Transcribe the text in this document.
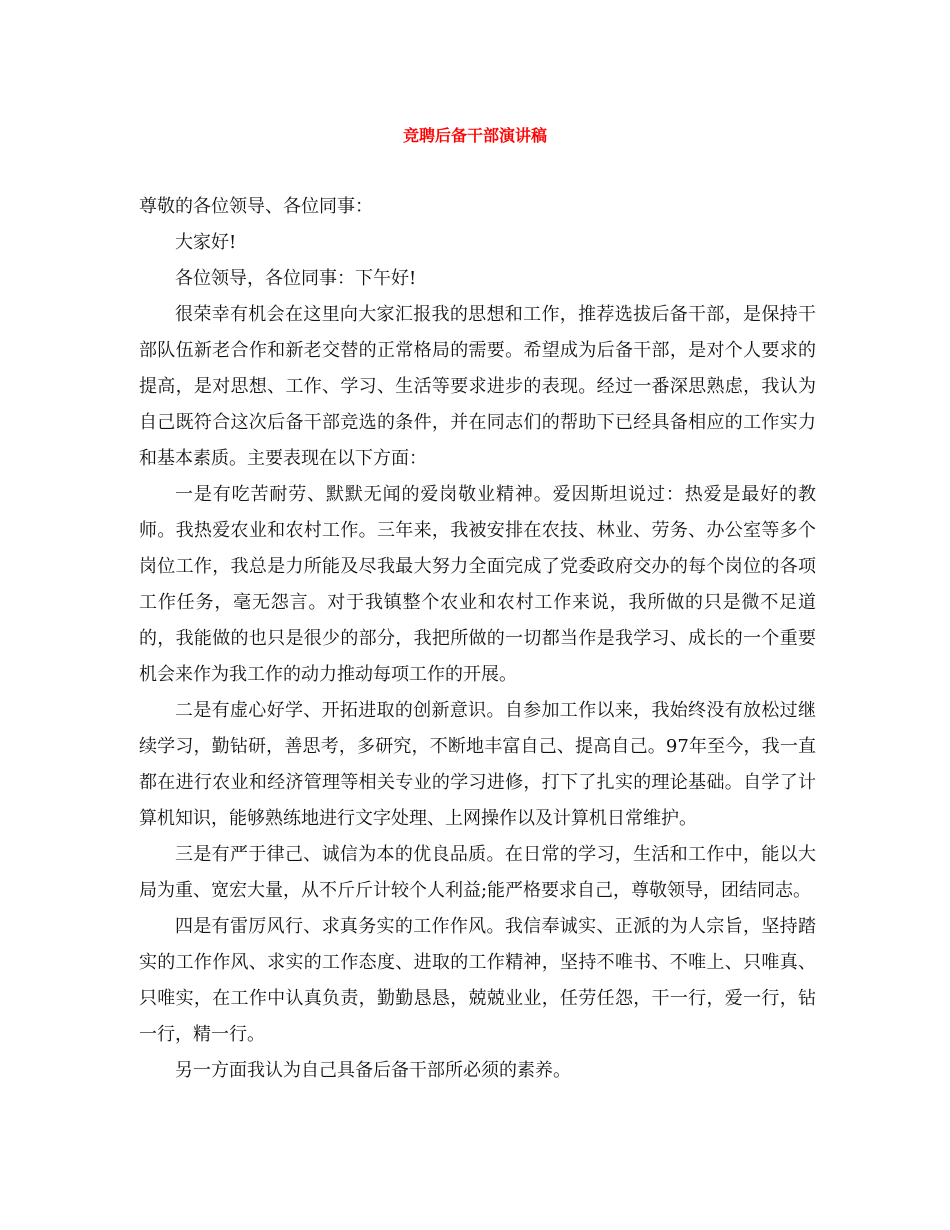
竞聘后备干部演讲稿

尊敬的各位领导、各位同事：

大家好!

各位领导，各位同事：下午好!

很荣幸有机会在这里向大家汇报我的思想和工作，推荐选拔后备干部，是保持干部队伍新老合作和新老交替的正常格局的需要。希望成为后备干部，是对个人要求的提高，是对思想、工作、学习、生活等要求进步的表现。经过一番深思熟虑，我认为自己既符合这次后备干部竞选的条件，并在同志们的帮助下已经具备相应的工作实力和基本素质。主要表现在以下方面：

一是有吃苦耐劳、默默无闻的爱岗敬业精神。爱因斯坦说过：热爱是最好的教师。我热爱农业和农村工作。三年来，我被安排在农技、林业、劳务、办公室等多个岗位工作，我总是力所能及尽我最大努力全面完成了党委政府交办的每个岗位的各项工作任务，毫无怨言。对于我镇整个农业和农村工作来说，我所做的只是微不足道的，我能做的也只是很少的部分，我把所做的一切都当作是我学习、成长的一个重要机会来作为我工作的动力推动每项工作的开展。

二是有虚心好学、开拓进取的创新意识。自参加工作以来，我始终没有放松过继续学习，勤钻研，善思考，多研究，不断地丰富自己、提高自己。97年至今，我一直都在进行农业和经济管理等相关专业的学习进修，打下了扎实的理论基础。自学了计算机知识，能够熟练地进行文字处理、上网操作以及计算机日常维护。

三是有严于律己、诚信为本的优良品质。在日常的学习，生活和工作中，能以大局为重、宽宏大量，从不斤斤计较个人利益;能严格要求自己，尊敬领导，团结同志。

四是有雷厉风行、求真务实的工作作风。我信奉诚实、正派的为人宗旨，坚持踏实的工作作风、求实的工作态度、进取的工作精神，坚持不唯书、不唯上、只唯真、只唯实，在工作中认真负责，勤勤恳恳，兢兢业业，任劳任怨，干一行，爱一行，钻一行，精一行。

另一方面我认为自己具备后备干部所必须的素养。
